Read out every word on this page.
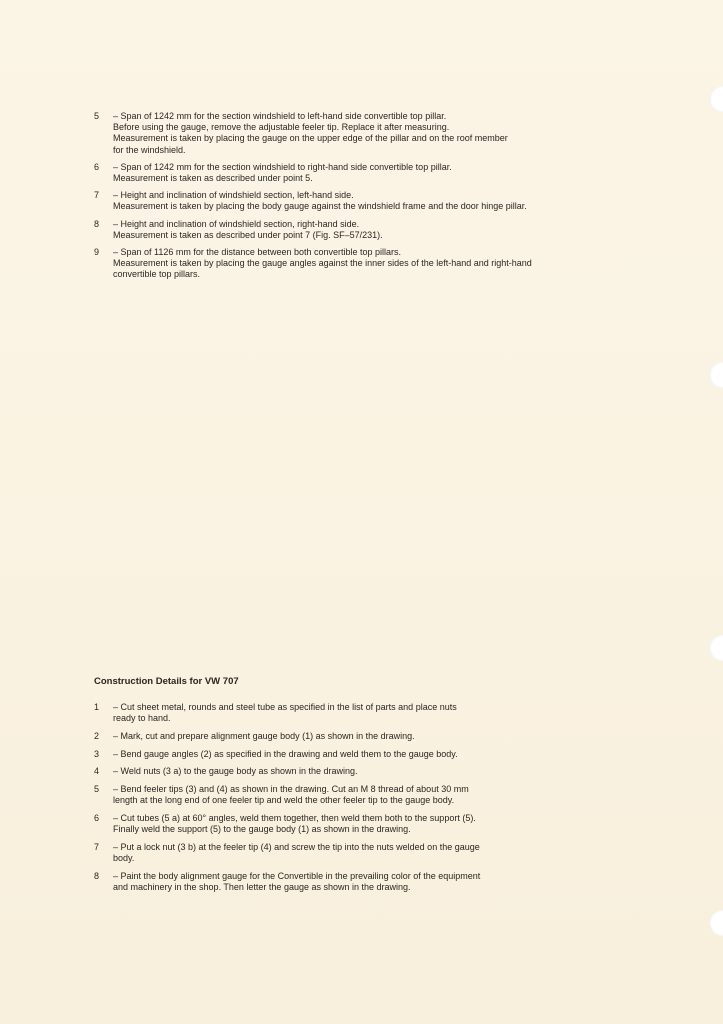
5 – Span of 1242 mm for the section windshield to left-hand side convertible top pillar.
Before using the gauge, remove the adjustable feeler tip. Replace it after measuring.
Measurement is taken by placing the gauge on the upper edge of the pillar and on the roof member
for the windshield.
6 – Span of 1242 mm for the section windshield to right-hand side convertible top pillar.
Measurement is taken as described under point 5.
7 – Height and inclination of windshield section, left-hand side.
Measurement is taken by placing the body gauge against the windshield frame and the door hinge pillar.
8 – Height and inclination of windshield section, right-hand side.
Measurement is taken as described under point 7 (Fig. SF–57/231).
9 – Span of 1126 mm for the distance between both convertible top pillars.
Measurement is taken by placing the gauge angles against the inner sides of the left-hand and right-hand
convertible top pillars.
Construction Details for VW 707
1 – Cut sheet metal, rounds and steel tube as specified in the list of parts and place nuts
ready to hand.
2 – Mark, cut and prepare alignment gauge body (1) as shown in the drawing.
3 – Bend gauge angles (2) as specified in the drawing and weld them to the gauge body.
4 – Weld nuts (3 a) to the gauge body as shown in the drawing.
5 – Bend feeler tips (3) and (4) as shown in the drawing. Cut an M 8 thread of about 30 mm
length at the long end of one feeler tip and weld the other feeler tip to the gauge body.
6 – Cut tubes (5 a) at 60° angles, weld them together, then weld them both to the support (5).
Finally weld the support (5) to the gauge body (1) as shown in the drawing.
7 – Put a lock nut (3 b) at the feeler tip (4) and screw the tip into the nuts welded on the gauge
body.
8 – Paint the body alignment gauge for the Convertible in the prevailing color of the equipment
and machinery in the shop. Then letter the gauge as shown in the drawing.
